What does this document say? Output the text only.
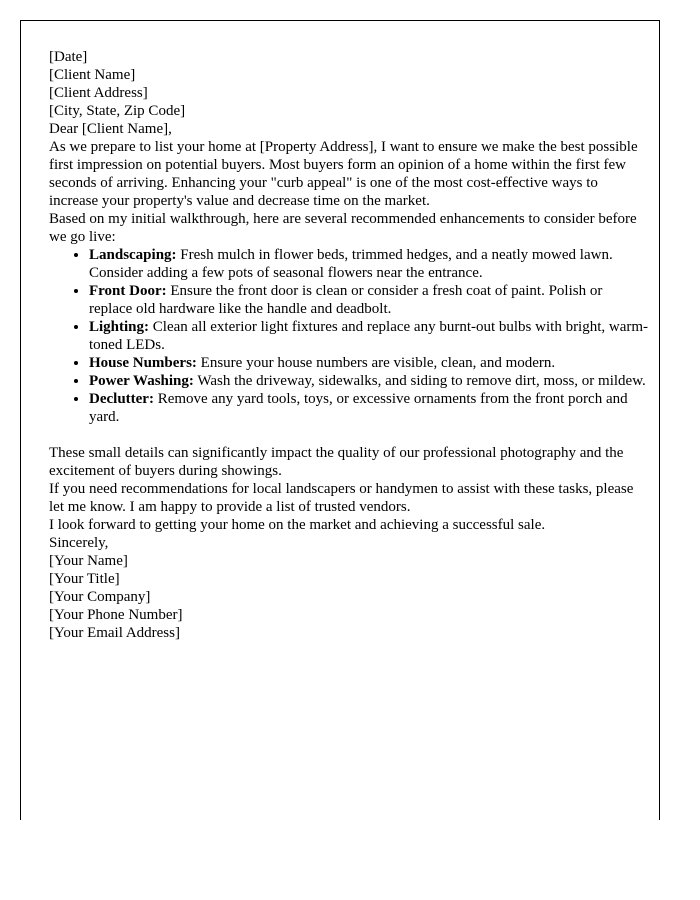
[Date]

[Client Name]
[Client Address]
[City, State, Zip Code]

Dear [Client Name],

As we prepare to list your home at [Property Address], I want to ensure we make the best possible first impression on potential buyers. Most buyers form an opinion of a home within the first few seconds of arriving. Enhancing your "curb appeal" is one of the most cost-effective ways to increase your property's value and decrease time on the market.

Based on my initial walkthrough, here are several recommended enhancements to consider before we go live:

• Landscaping: Fresh mulch in flower beds, trimmed hedges, and a neatly mowed lawn. Consider adding a few pots of seasonal flowers near the entrance.
• Front Door: Ensure the front door is clean or consider a fresh coat of paint. Polish or replace old hardware like the handle and deadbolt.
• Lighting: Clean all exterior light fixtures and replace any burnt-out bulbs with bright, warm-toned LEDs.
• House Numbers: Ensure your house numbers are visible, clean, and modern.
• Power Washing: Wash the driveway, sidewalks, and siding to remove dirt, moss, or mildew.
• Declutter: Remove any yard tools, toys, or excessive ornaments from the front porch and yard.

These small details can significantly impact the quality of our professional photography and the excitement of buyers during showings.

If you need recommendations for local landscapers or handymen to assist with these tasks, please let me know. I am happy to provide a list of trusted vendors.

I look forward to getting your home on the market and achieving a successful sale.

Sincerely,

[Your Name]
[Your Title]
[Your Company]
[Your Phone Number]
[Your Email Address]
